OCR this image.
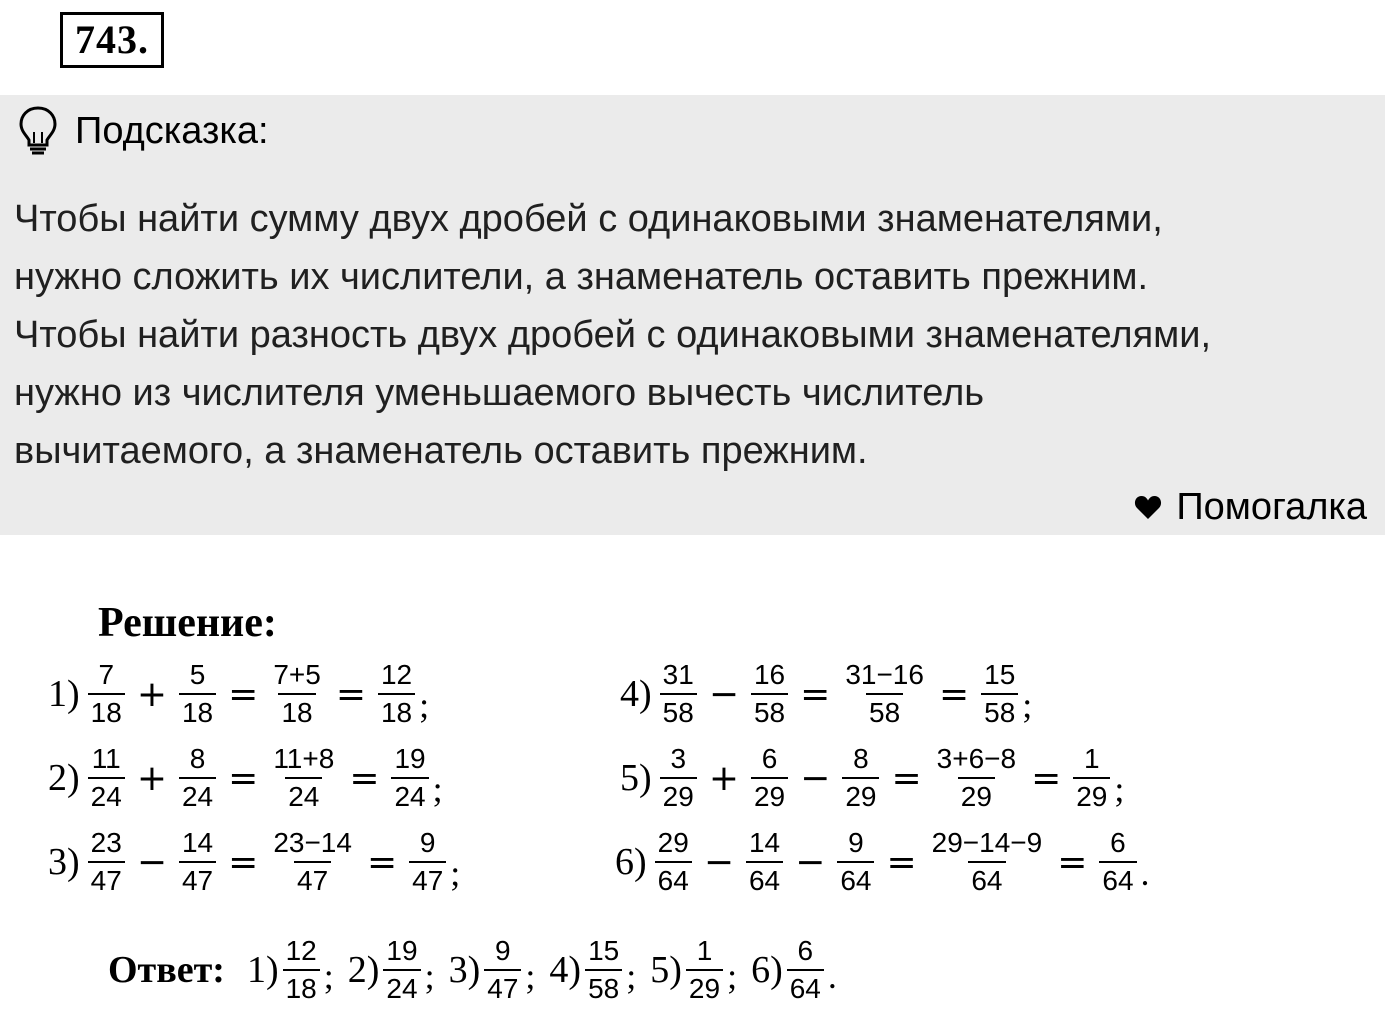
743.
Подсказка:
Чтобы найти сумму двух дробей с одинаковыми знаменателями,
нужно сложить их числители, а знаменатель оставить прежним.
Чтобы найти разность двух дробей с одинаковыми знаменателями,
нужно из числителя уменьшаемого вычесть числитель
вычитаемого, а знаменатель оставить прежним.
Помогалка
Решение:
$1) \frac{7}{18} + \frac{5}{18} = \frac{7+5}{18} = \frac{12}{18}$ ;
$2) \frac{11}{24} + \frac{8}{24} = \frac{11+8}{24} = \frac{19}{24}$ ;
$3) \frac{23}{47} - \frac{14}{47} = \frac{23-14}{47} = \frac{9}{47}$ ;
$4) \frac{31}{58} - \frac{16}{58} = \frac{31-16}{58} = \frac{15}{58}$ ;
$5) \frac{3}{29} + \frac{6}{29} - \frac{8}{29} = \frac{3+6-8}{29} = \frac{1}{29}$ ;
$6) \frac{29}{64} - \frac{14}{64} - \frac{9}{64} = \frac{29-14-9}{64} = \frac{6}{64}$ .
Ответ: $1) \frac{12}{18}$ ; $2) \frac{19}{24}$ ; $3) \frac{9}{47}$ ; $4) \frac{15}{58}$ ; $5) \frac{1}{29}$ ; $6) \frac{6}{64}$ .
